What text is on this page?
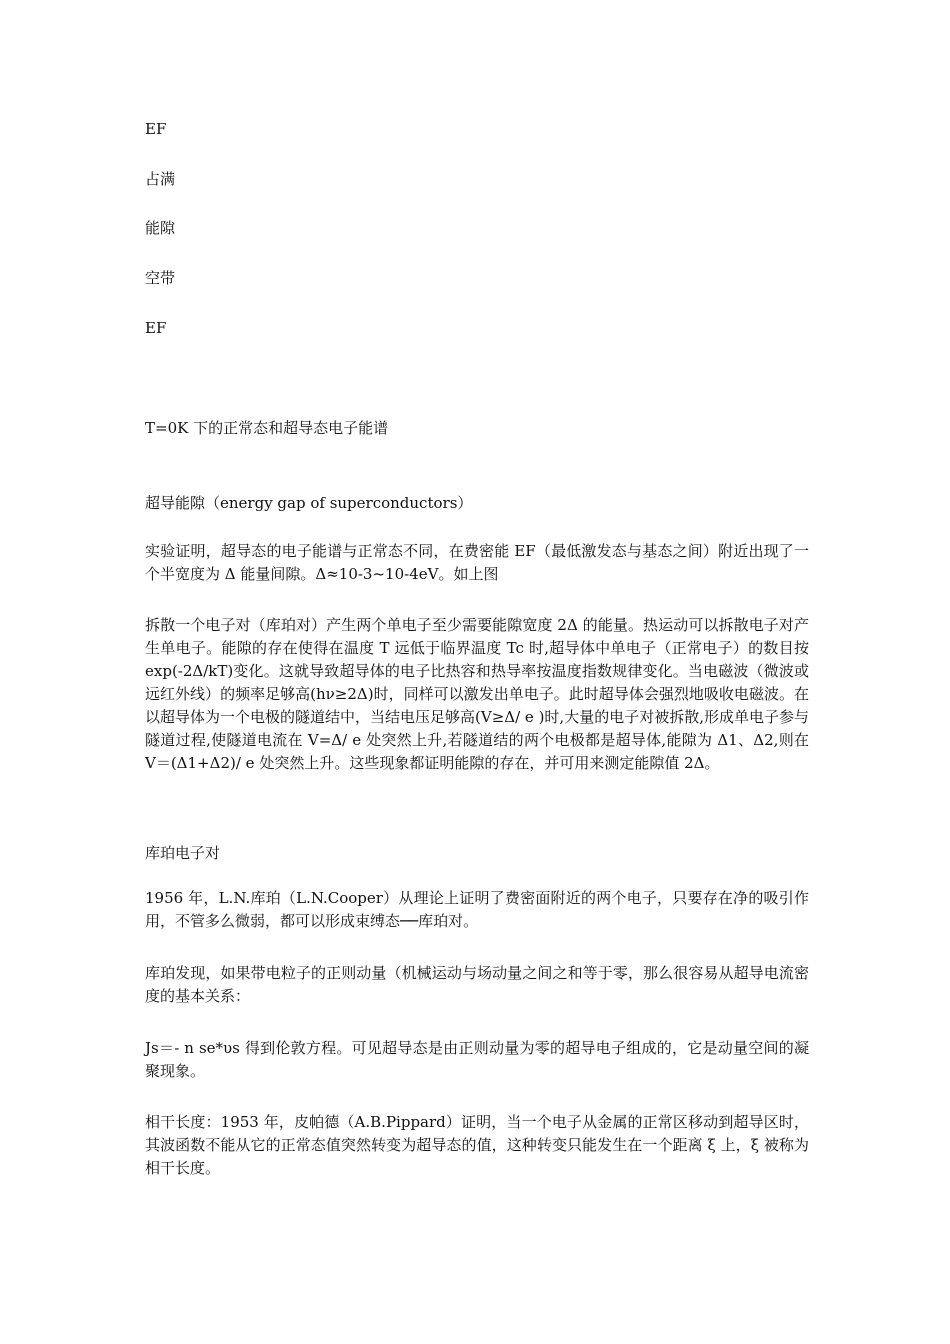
EF

占满

能隙

空带

EF

T=0K 下的正常态和超导态电子能谱

超导能隙（energy gap of superconductors）

实验证明，超导态的电子能谱与正常态不同，在费密能 EF（最低激发态与基态之间）附近出现了一个半宽度为 Δ 能量间隙。Δ≈10-3~10-4eV。如上图

拆散一个电子对（库珀对）产生两个单电子至少需要能隙宽度 2Δ 的能量。热运动可以拆散电子对产生单电子。能隙的存在使得在温度 T 远低于临界温度 Tc 时,超导体中单电子（正常电子）的数目按 exp(-2Δ/kT)变化。这就导致超导体的电子比热容和热导率按温度指数规律变化。当电磁波（微波或远红外线）的频率足够高(hν≥2Δ)时，同样可以激发出单电子。此时超导体会强烈地吸收电磁波。在以超导体为一个电极的隧道结中，当结电压足够高(V≥Δ/ e )时,大量的电子对被拆散,形成单电子参与隧道过程,使隧道电流在 V=Δ/ e 处突然上升,若隧道结的两个电极都是超导体,能隙为 Δ1、Δ2,则在 V＝(Δ1+Δ2)/ e 处突然上升。这些现象都证明能隙的存在，并可用来测定能隙值 2Δ。

库珀电子对

1956 年，L.N.库珀（L.N.Cooper）从理论上证明了费密面附近的两个电子，只要存在净的吸引作用，不管多么微弱，都可以形成束缚态──库珀对。

库珀发现，如果带电粒子的正则动量（机械运动与场动量之间之和等于零，那么很容易从超导电流密度的基本关系：

Js＝- n se*υs 得到伦敦方程。可见超导态是由正则动量为零的超导电子组成的，它是动量空间的凝聚现象。

相干长度：1953 年，皮帕德（A.B.Pippard）证明，当一个电子从金属的正常区移动到超导区时，其波函数不能从它的正常态值突然转变为超导态的值，这种转变只能发生在一个距离 ξ 上，ξ 被称为相干长度。
